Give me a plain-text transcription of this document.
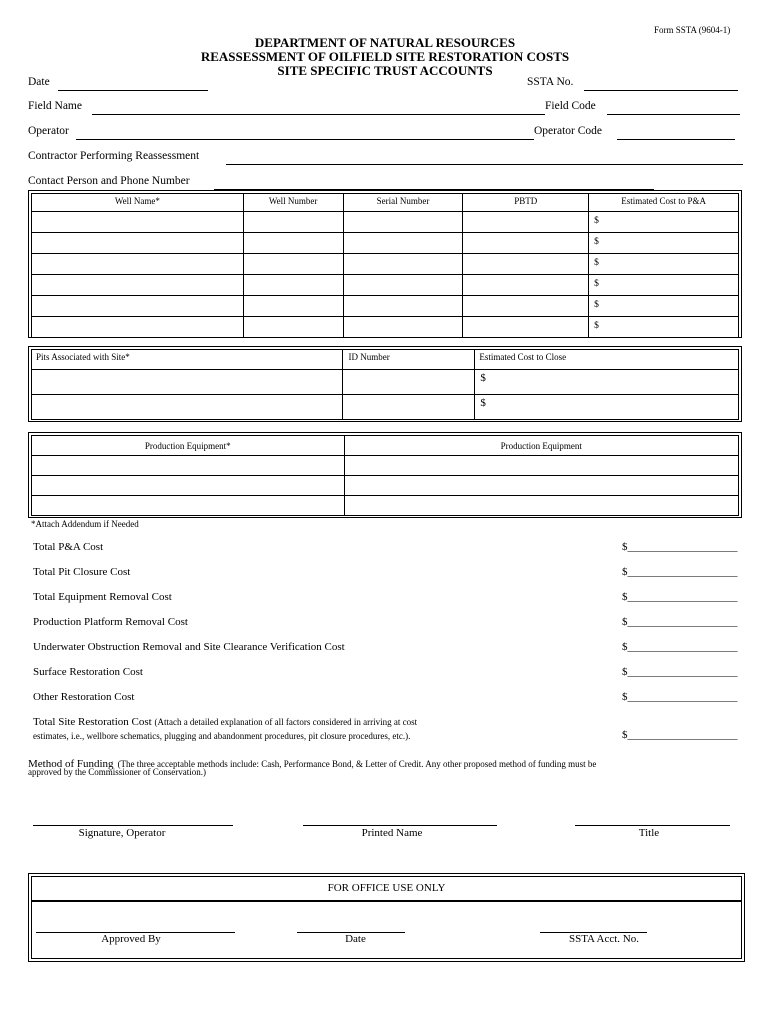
Form SSTA (9604-1)
DEPARTMENT OF NATURAL RESOURCES
REASSESSMENT OF OILFIELD SITE RESTORATION COSTS
SITE SPECIFIC TRUST ACCOUNTS
Date	SSTA No.
Field Name	Field Code
Operator	Operator Code
Contractor Performing Reassessment
Contact Person and Phone Number
Well Name*	Well Number	Serial Number	PBTD	Estimated Cost to P&A
				$
				$
				$
				$
				$
				$
Pits Associated with Site*	ID Number	Estimated Cost to Close
		$
		$
Production Equipment*	Production Equipment

*Attach Addendum if Needed
Total P&A Cost	$____________________
Total Pit Closure Cost	$____________________
Total Equipment Removal Cost	$____________________
Production Platform Removal Cost	$____________________
Underwater Obstruction Removal and Site Clearance Verification Cost	$____________________
Surface Restoration Cost	$____________________
Other Restoration Cost	$____________________
Total Site Restoration Cost (Attach a detailed explanation of all factors considered in arriving at cost
estimates, i.e., wellbore schematics, plugging and abandonment procedures, pit closure procedures, etc.).	$____________________
Method of Funding (The three acceptable methods include: Cash, Performance Bond, & Letter of Credit. Any other proposed method of funding must be
approved by the Commissioner of Conservation.)
Signature, Operator	Printed Name	Title
FOR OFFICE USE ONLY
Approved By	Date	SSTA Acct. No.
